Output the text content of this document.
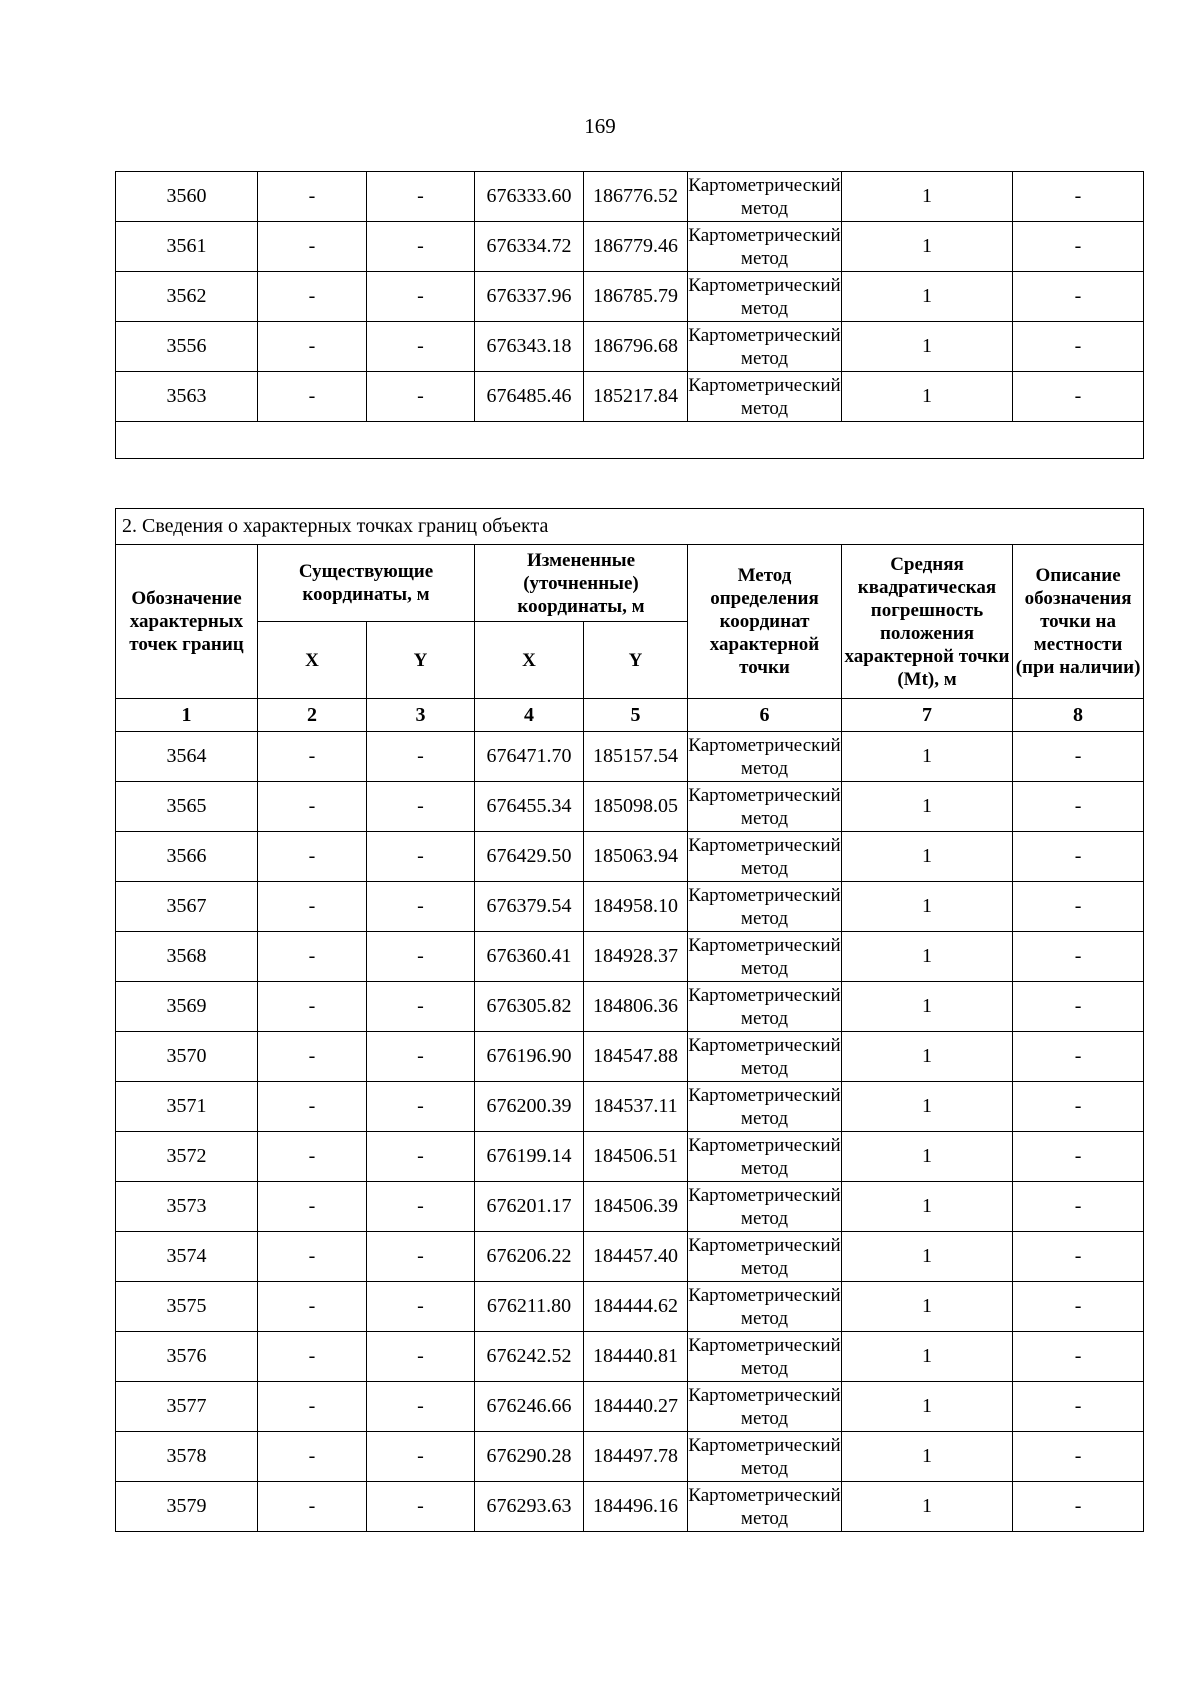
169
3560	-	-	676333.60	186776.52	Картометрический метод	1	-
3561	-	-	676334.72	186779.46	Картометрический метод	1	-
3562	-	-	676337.96	186785.79	Картометрический метод	1	-
3556	-	-	676343.18	186796.68	Картометрический метод	1	-
3563	-	-	676485.46	185217.84	Картометрический метод	1	-

2. Сведения о характерных точках границ объекта							
Обозначение характерных точек границ	Существующие координаты, м		Измененные (уточненные) координаты, м		Метод определения координат характерной точки	Средняя квадратическая погрешность положения характерной точки (Mt), м	Описание обозначения точки на местности (при наличии)
	X	Y	X	Y			
1	2	3	4	5	6	7	8
3564	-	-	676471.70	185157.54	Картометрический метод	1	-
3565	-	-	676455.34	185098.05	Картометрический метод	1	-
3566	-	-	676429.50	185063.94	Картометрический метод	1	-
3567	-	-	676379.54	184958.10	Картометрический метод	1	-
3568	-	-	676360.41	184928.37	Картометрический метод	1	-
3569	-	-	676305.82	184806.36	Картометрический метод	1	-
3570	-	-	676196.90	184547.88	Картометрический метод	1	-
3571	-	-	676200.39	184537.11	Картометрический метод	1	-
3572	-	-	676199.14	184506.51	Картометрический метод	1	-
3573	-	-	676201.17	184506.39	Картометрический метод	1	-
3574	-	-	676206.22	184457.40	Картометрический метод	1	-
3575	-	-	676211.80	184444.62	Картометрический метод	1	-
3576	-	-	676242.52	184440.81	Картометрический метод	1	-
3577	-	-	676246.66	184440.27	Картометрический метод	1	-
3578	-	-	676290.28	184497.78	Картометрический метод	1	-
3579	-	-	676293.63	184496.16	Картометрический метод	1	-
